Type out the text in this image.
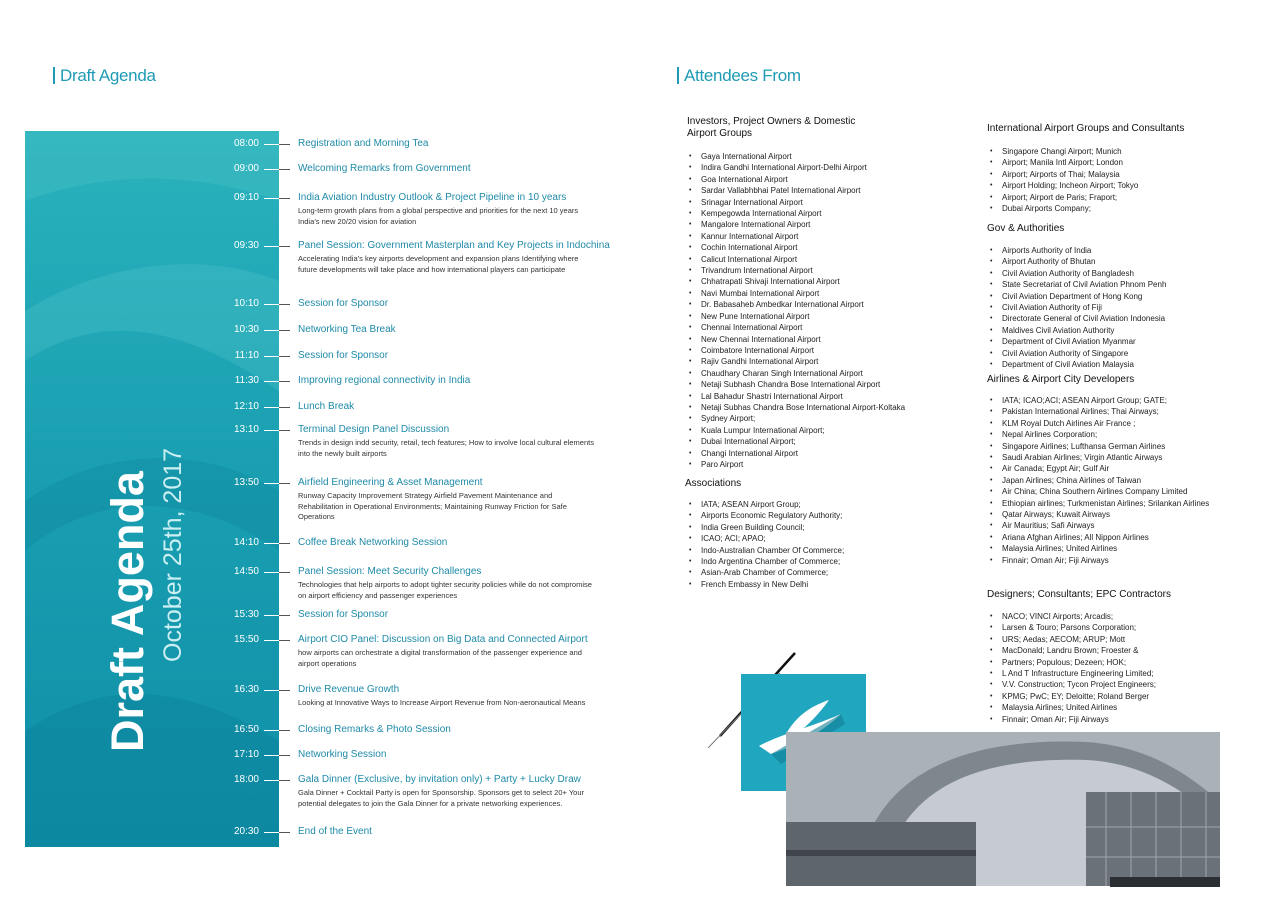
Draft Agenda	Attendees From
Draft Agenda October 25th, 2017
08:00	Registration and Morning Tea
09:00	Welcoming Remarks from Government
09:10	India Aviation Industry Outlook & Project Pipeline in 10 years
Long-term growth plans from a global perspective and priorities for the next 10 years India’s new 20/20 vision for aviation
09:30	Panel Session: Government Masterplan and Key Projects in Indochina
Accelerating India’s key airports development and expansion plans Identifying where future developments will take place and how international players can participate
10:10	Session for Sponsor
10:30	Networking Tea Break
11:10	Session for Sponsor
11:30	Improving regional connectivity in India
12:10	Lunch Break
13:10	Terminal Design Panel Discussion
Trends in design indd security, retail, tech features; How to involve local cultural elements into the newly built airports
13:50	Airfield Engineering & Asset Management
Runway Capacity Improvement Strategy Airfield Pavement Maintenance and Rehabilitation in Operational Environments; Maintaining Runway Friction for Safe Operations
14:10	Coffee Break Networking Session
14:50	Panel Session: Meet Security Challenges
Technologies that help airports to adopt tighter security policies while do not compromise on airport efficiency and passenger experiences
15:30	Session for Sponsor
15:50	Airport CIO Panel: Discussion on Big Data and Connected Airport
how airports can orchestrate a digital transformation of the passenger experience and airport operations
16:30	Drive Revenue Growth
Looking at Innovative Ways to Increase Airport Revenue from Non-aeronautical Means
16:50	Closing Remarks & Photo Session
17:10	Networking Session
18:00	Gala Dinner (Exclusive, by invitation only) + Party + Lucky Draw
Gala Dinner + Cocktail Party is open for Sponsorship. Sponsors get to select 20+ Your potential delegates to join the Gala Dinner for a private networking experiences.
20:30	End of the Event
Investors, Project Owners & Domestic Airport Groups
• Gaya International Airport
• Indira Gandhi International Airport-Delhi Airport
• Goa International Airport
• Sardar Vallabhbhai Patel International Airport
• Srinagar International Airport
• Kempegowda International Airport
• Mangalore International Airport
• Kannur International Airport
• Cochin International Airport
• Calicut International Airport
• Trivandrum International Airport
• Chhatrapati Shivaji International Airport
• Navi Mumbai International Airport
• Dr. Babasaheb Ambedkar International Airport
• New Pune International Airport
• Chennai International Airport
• New Chennai International Airport
• Coimbatore International Airport
• Rajiv Gandhi International Airport
• Chaudhary Charan Singh International Airport
• Netaji Subhash Chandra Bose International Airport
• Lal Bahadur Shastri International Airport
• Netaji Subhas Chandra Bose International Airport-Koltaka
• Sydney Airport;
• Kuala Lumpur International Airport;
• Dubai International Airport;
• Changi International Airport
• Paro Airport
Associations
• IATA; ASEAN Airport Group;
• Airports Economic Regulatory Authority;
• India Green Building Council;
• ICAO; ACI; APAO;
• Indo-Australian Chamber Of Commerce;
• Indo Argentina Chamber of Commerce;
• Asian-Arab Chamber of Commerce;
• French Embassy in New Delhi
International Airport Groups and Consultants
• Singapore Changi Airport; Munich
• Airport; Manila Intl Airport; London
• Airport; Airports of Thai; Malaysia
• Airport Holding; Incheon Airport; Tokyo
• Airport; Airport de Paris; Fraport;
• Dubai Airports Company;
Gov & Authorities
• Airports Authority of India
• Airport Authority of Bhutan
• Civil Aviation Authority of Bangladesh
• State Secretariat of Civil Aviation Phnom Penh
• Civil Aviation Department of Hong Kong
• Civil Aviation Authority of Fiji
• Directorate General of Civil Aviation Indonesia
• Maldives Civil Aviation Authority
• Department of Civil Aviation Myanmar
• Civil Aviation Authority of Singapore
• Department of Civil Aviation Malaysia
Airlines & Airport City Developers
• IATA; ICAO;ACI; ASEAN Airport Group; GATE;
• Pakistan International Airlines; Thai Airways;
• KLM Royal Dutch Airlines Air France ;
• Nepal Airlines Corporation;
• Singapore Airlines; Lufthansa German Airlines
• Saudi Arabian Airlines; Virgin Atlantic Airways
• Air Canada; Egypt Air; Gulf Air
• Japan Airlines; China Airlines of Taiwan
• Air China; China Southern Airlines Company Limited
• Ethiopian airlines; Turkmenistan Airlines; Srilankan Airlines
• Qatar Airways; Kuwait Airways
• Air Mauritius; Safi Airways
• Ariana Afghan Airlines; All Nippon Airlines
• Malaysia Airlines; United Airlines
• Finnair; Oman Air; Fiji Airways
Designers; Consultants; EPC Contractors
• NACO; VINCI Airports; Arcadis;
• Larsen & Touro; Parsons Corporation;
• URS; Aedas; AECOM; ARUP; Mott
• MacDonald; Landru Brown; Froester &
• Partners; Populous; Dezeen; HOK;
• L And T Infrastructure Engineering Limited;
• V.V. Construction; Tycon Project Engineers;
• KPMG; PwC; EY; Deloitte; Roland Berger
• Malaysia Airlines; United Airlines
• Finnair; Oman Air; Fiji Airways
